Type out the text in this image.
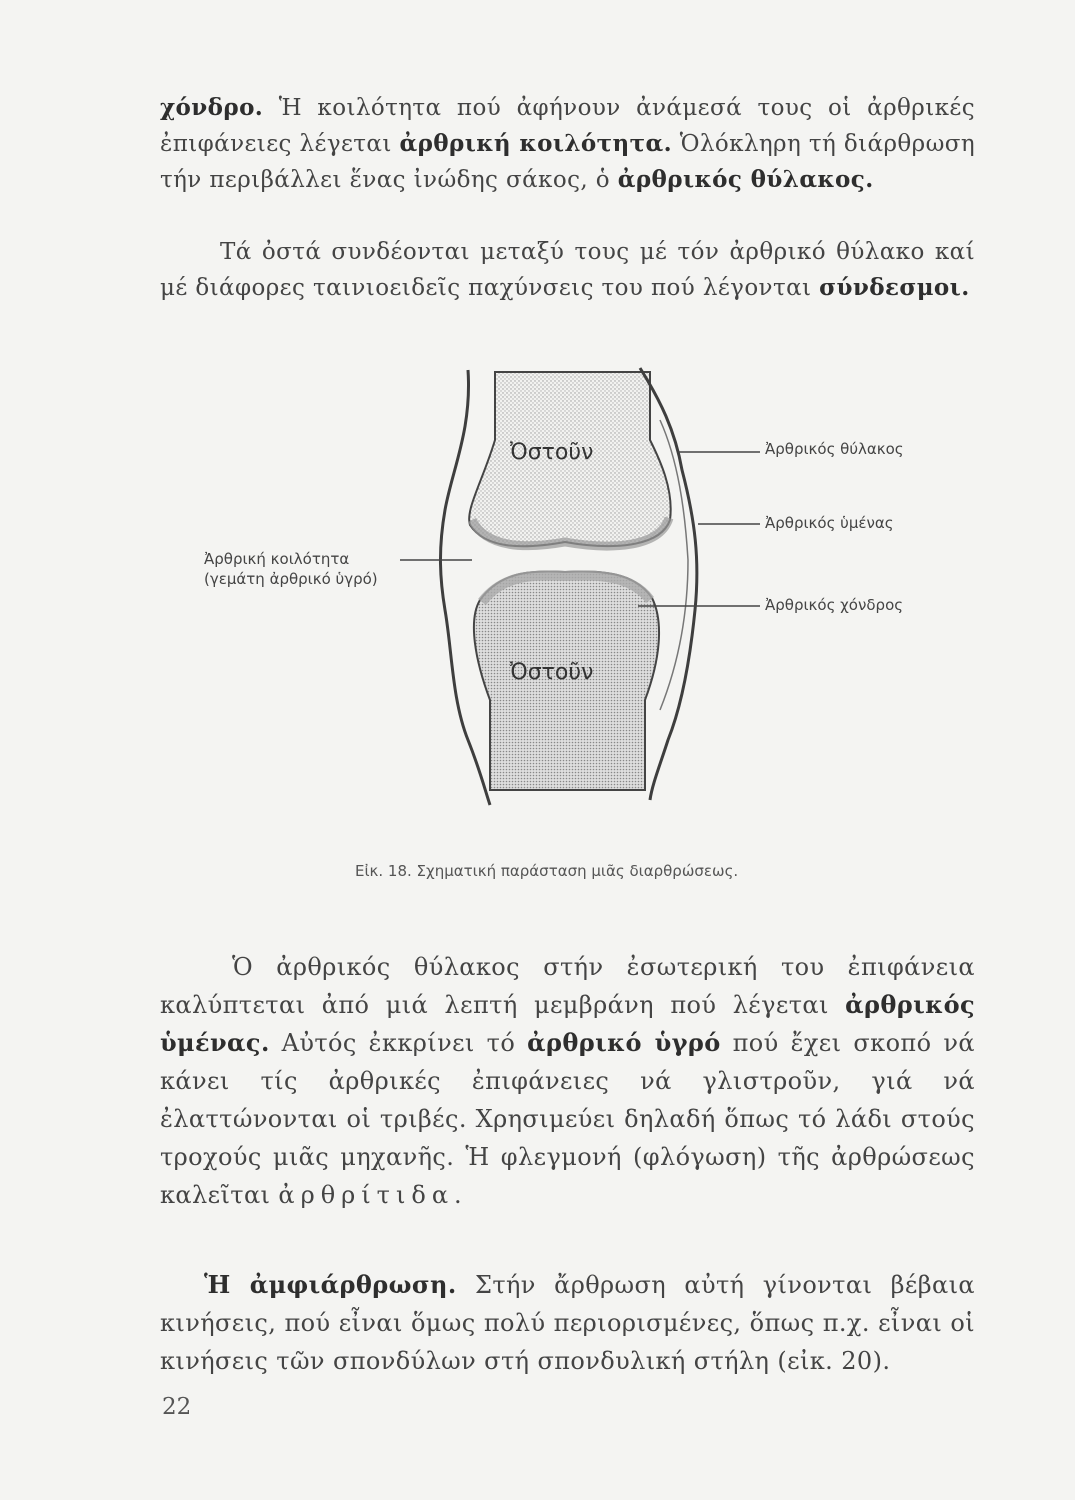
χόνδρο. Ἡ κοιλότητα πού ἀφήνουν ἀνάμεσά τους οἱ ἀρθρικές ἐπιφάνειες λέγεται ἀρθρική κοιλότητα. Ὁλόκληρη τή διάρθρωση τήν περιβάλλει ἕνας ἰνώδης σάκος, ὁ ἀρθρικός θύλακος.
Τά ὀστά συνδέονται μεταξύ τους μέ τόν ἀρθρικό θύλακο καί μέ διάφορες ταινιοειδεῖς παχύνσεις του πού λέγονται σύνδεσμοι.
Ὀστοῦν
Ὀστοῦν
Ἀρθρικός θύλακος
Ἀρθρικός ὑμένας
Ἀρθρικός χόνδρος
Ἀρθρική κοιλότητα
(γεμάτη ἀρθρικό ὑγρό)
Εἰκ. 18. Σχηματική παράσταση μιᾶς διαρθρώσεως.
Ὁ ἀρθρικός θύλακος στήν ἐσωτερική του ἐπιφάνεια καλύπτεται ἀπό μιά λεπτή μεμβράνη πού λέγεται ἀρθρικός ὑμένας. Αὐτός ἐκκρίνει τό ἀρθρικό ὑγρό πού ἔχει σκοπό νά κάνει τίς ἀρθρικές ἐπιφάνειες νά γλιστροῦν, γιά νά ἐλαττώνονται οἱ τριβές. Χρησιμεύει δηλαδή ὅπως τό λάδι στούς τροχούς μιᾶς μηχανῆς. Ἡ φλεγμονή (φλόγωση) τῆς ἀρθρώσεως καλεῖται ἀρθρίτιδα.
Ἡ ἀμφιάρθρωση. Στήν ἄρθρωση αὐτή γίνονται βέβαια κινήσεις, πού εἶναι ὅμως πολύ περιορισμένες, ὅπως π.χ. εἶναι οἱ κινήσεις τῶν σπονδύλων στή σπονδυλική στήλη (εἰκ. 20).
22
